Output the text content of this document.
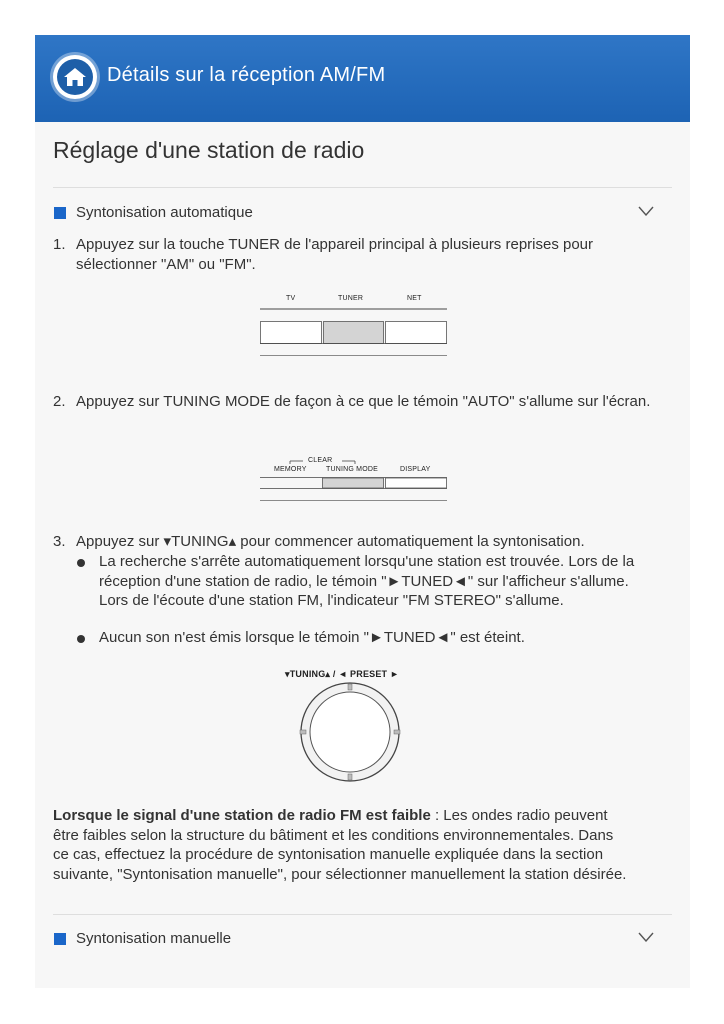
Détails sur la réception AM/FM
Réglage d'une station de radio
Syntonisation automatique
1. Appuyez sur la touche TUNER de l'appareil principal à plusieurs reprises pour sélectionner "AM" ou "FM".
TV	TUNER	NET
2. Appuyez sur TUNING MODE de façon à ce que le témoin "AUTO" s'allume sur l'écran.
CLEAR
MEMORY	TUNING MODE	DISPLAY
3. Appuyez sur ▾TUNING▴ pour commencer automatiquement la syntonisation.
La recherche s'arrête automatiquement lorsqu'une station est trouvée. Lors de la réception d'une station de radio, le témoin "►TUNED◄" sur l'afficheur s'allume. Lors de l'écoute d'une station FM, l'indicateur "FM STEREO" s'allume.
Aucun son n'est émis lorsque le témoin "►TUNED◄" est éteint.
▾TUNING▴ / ◄ PRESET ►
Lorsque le signal d'une station de radio FM est faible : Les ondes radio peuvent être faibles selon la structure du bâtiment et les conditions environnementales. Dans ce cas, effectuez la procédure de syntonisation manuelle expliquée dans la section suivante, "Syntonisation manuelle", pour sélectionner manuellement la station désirée.
Syntonisation manuelle
